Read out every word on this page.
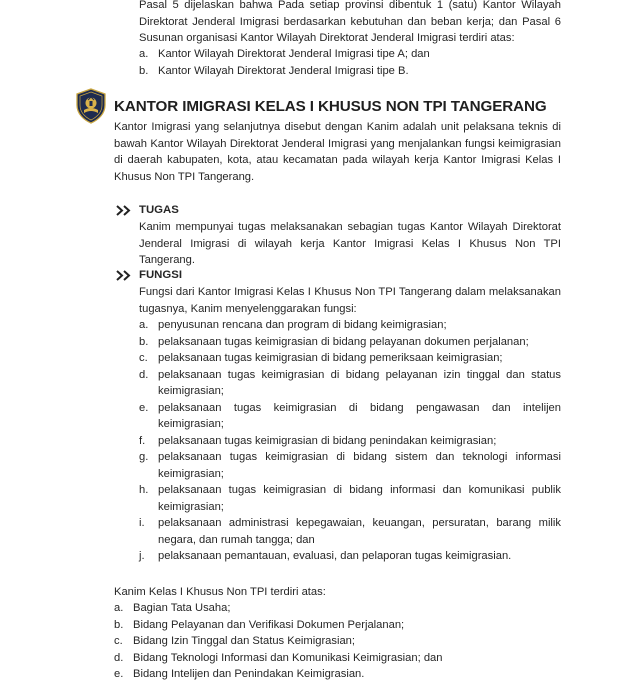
Pasal 5 dijelaskan bahwa Pada setiap provinsi dibentuk 1 (satu) Kantor Wilayah Direktorat Jenderal Imigrasi berdasarkan kebutuhan dan beban kerja; dan Pasal 6 Susunan organisasi Kantor Wilayah Direktorat Jenderal Imigrasi terdiri atas:
a. Kantor Wilayah Direktorat Jenderal Imigrasi tipe A; dan
b. Kantor Wilayah Direktorat Jenderal Imigrasi tipe B.
KANTOR IMIGRASI KELAS I KHUSUS NON TPI TANGERANG
Kantor Imigrasi yang selanjutnya disebut dengan Kanim adalah unit pelaksana teknis di bawah Kantor Wilayah Direktorat Jenderal Imigrasi yang menjalankan fungsi keimigrasian di daerah kabupaten, kota, atau kecamatan pada wilayah kerja Kantor Imigrasi Kelas I Khusus Non TPI Tangerang.
TUGAS
Kanim mempunyai tugas melaksanakan sebagian tugas Kantor Wilayah Direktorat Jenderal Imigrasi di wilayah kerja Kantor Imigrasi Kelas I Khusus Non TPI Tangerang.
FUNGSI
Fungsi dari Kantor Imigrasi Kelas I Khusus Non TPI Tangerang dalam melaksanakan tugasnya, Kanim menyelenggarakan fungsi:
a. penyusunan rencana dan program di bidang keimigrasian;
b. pelaksanaan tugas keimigrasian di bidang pelayanan dokumen perjalanan;
c. pelaksanaan tugas keimigrasian di bidang pemeriksaan keimigrasian;
d. pelaksanaan tugas keimigrasian di bidang pelayanan izin tinggal dan status keimigrasian;
e. pelaksanaan tugas keimigrasian di bidang pengawasan dan intelijen keimigrasian;
f. pelaksanaan tugas keimigrasian di bidang penindakan keimigrasian;
g. pelaksanaan tugas keimigrasian di bidang sistem dan teknologi informasi keimigrasian;
h. pelaksanaan tugas keimigrasian di bidang informasi dan komunikasi publik keimigrasian;
i. pelaksanaan administrasi kepegawaian, keuangan, persuratan, barang milik negara, dan rumah tangga; dan
j. pelaksanaan pemantauan, evaluasi, dan pelaporan tugas keimigrasian.
Kanim Kelas I Khusus Non TPI terdiri atas:
a. Bagian Tata Usaha;
b. Bidang Pelayanan dan Verifikasi Dokumen Perjalanan;
c. Bidang Izin Tinggal dan Status Keimigrasian;
d. Bidang Teknologi Informasi dan Komunikasi Keimigrasian; dan
e. Bidang Intelijen dan Penindakan Keimigrasian.
